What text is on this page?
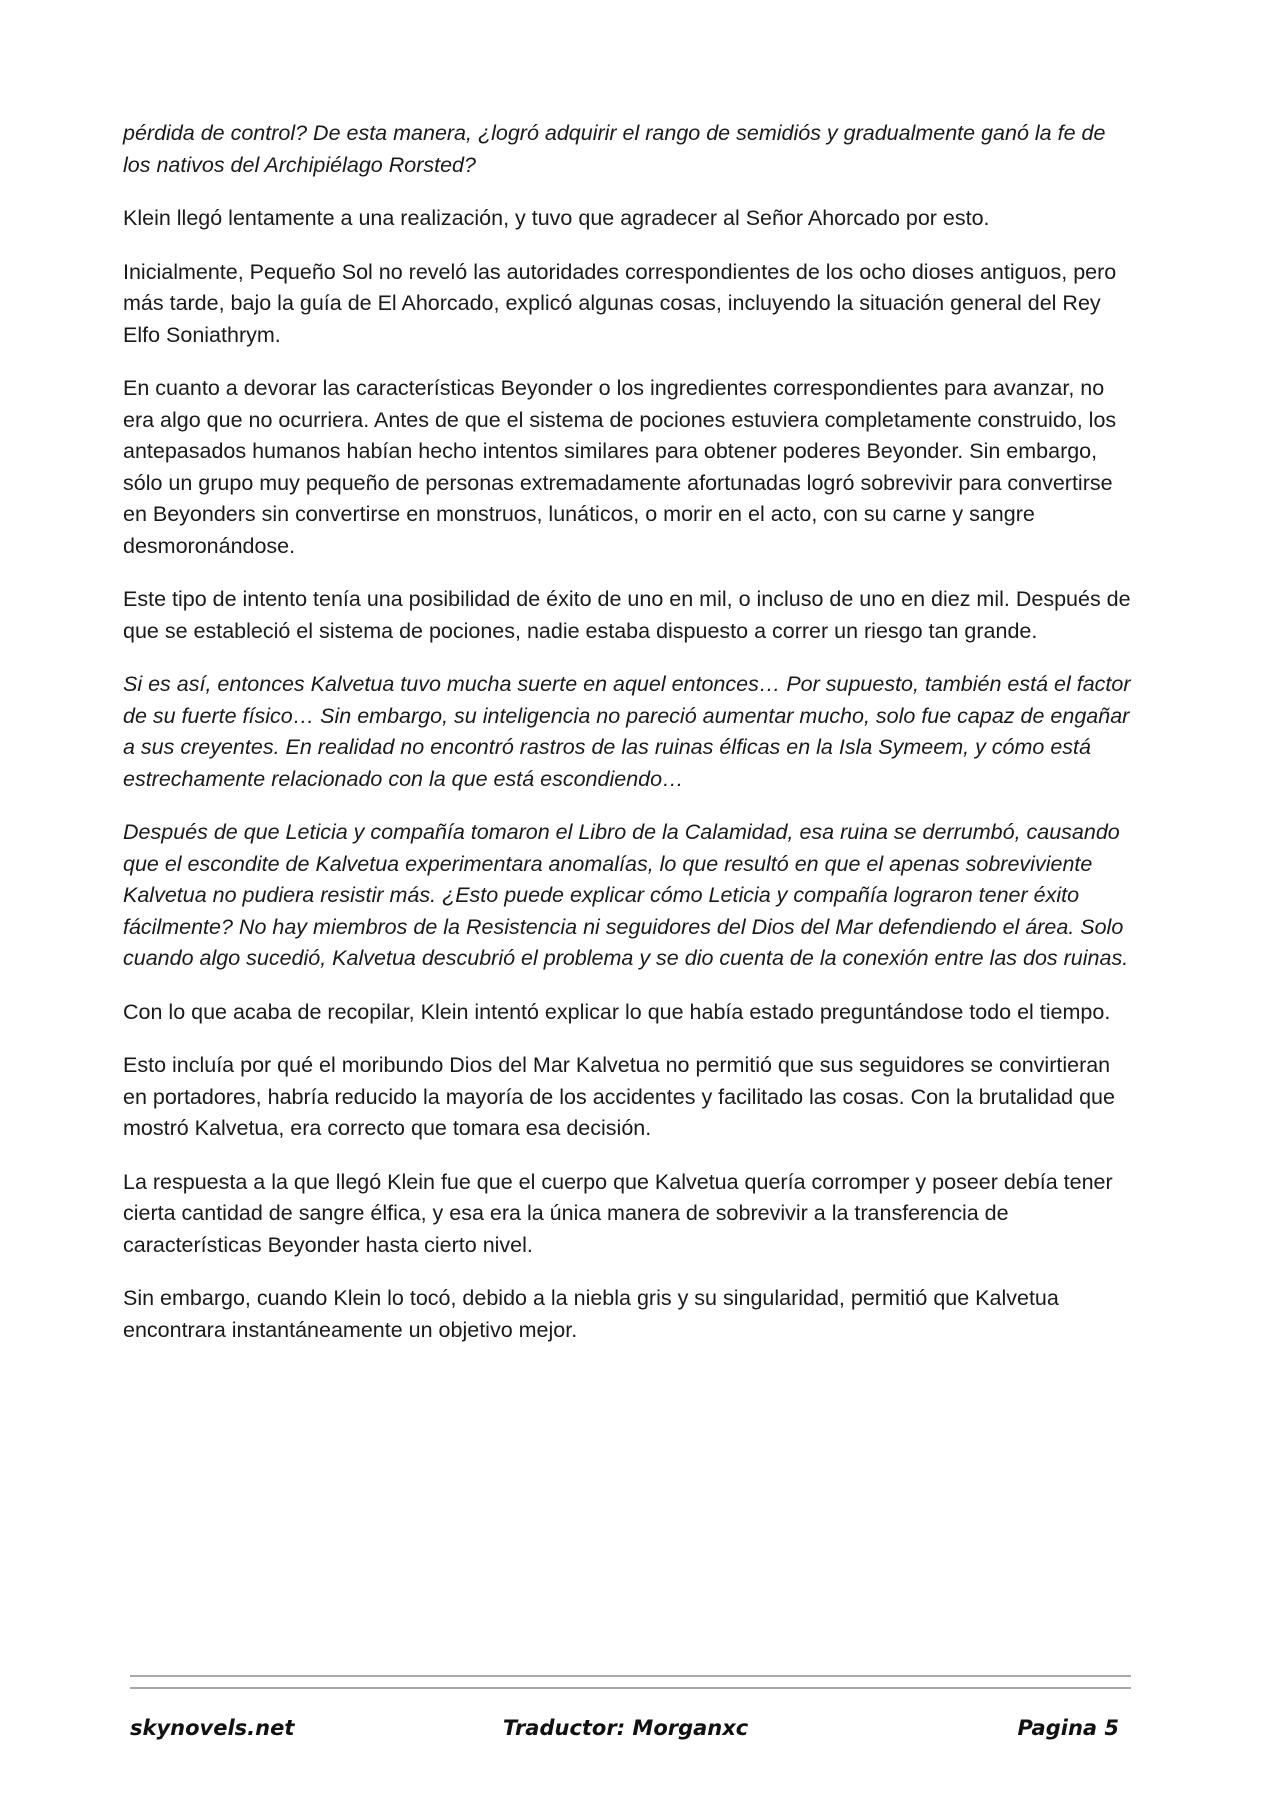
pérdida de control? De esta manera, ¿logró adquirir el rango de semidiós y gradualmente ganó la fe de los nativos del Archipiélago Rorsted?

Klein llegó lentamente a una realización, y tuvo que agradecer al Señor Ahorcado por esto.

Inicialmente, Pequeño Sol no reveló las autoridades correspondientes de los ocho dioses antiguos, pero más tarde, bajo la guía de El Ahorcado, explicó algunas cosas, incluyendo la situación general del Rey Elfo Soniathrym.

En cuanto a devorar las características Beyonder o los ingredientes correspondientes para avanzar, no era algo que no ocurriera. Antes de que el sistema de pociones estuviera completamente construido, los antepasados humanos habían hecho intentos similares para obtener poderes Beyonder. Sin embargo, sólo un grupo muy pequeño de personas extremadamente afortunadas logró sobrevivir para convertirse en Beyonders sin convertirse en monstruos, lunáticos, o morir en el acto, con su carne y sangre desmoronándose.

Este tipo de intento tenía una posibilidad de éxito de uno en mil, o incluso de uno en diez mil. Después de que se estableció el sistema de pociones, nadie estaba dispuesto a correr un riesgo tan grande.

Si es así, entonces Kalvetua tuvo mucha suerte en aquel entonces… Por supuesto, también está el factor de su fuerte físico… Sin embargo, su inteligencia no pareció aumentar mucho, solo fue capaz de engañar a sus creyentes. En realidad no encontró rastros de las ruinas élficas en la Isla Symeem, y cómo está estrechamente relacionado con la que está escondiendo…

Después de que Leticia y compañía tomaron el Libro de la Calamidad, esa ruina se derrumbó, causando que el escondite de Kalvetua experimentara anomalías, lo que resultó en que el apenas sobreviviente Kalvetua no pudiera resistir más. ¿Esto puede explicar cómo Leticia y compañía lograron tener éxito fácilmente? No hay miembros de la Resistencia ni seguidores del Dios del Mar defendiendo el área. Solo cuando algo sucedió, Kalvetua descubrió el problema y se dio cuenta de la conexión entre las dos ruinas.

Con lo que acaba de recopilar, Klein intentó explicar lo que había estado preguntándose todo el tiempo.

Esto incluía por qué el moribundo Dios del Mar Kalvetua no permitió que sus seguidores se convirtieran en portadores, habría reducido la mayoría de los accidentes y facilitado las cosas. Con la brutalidad que mostró Kalvetua, era correcto que tomara esa decisión.

La respuesta a la que llegó Klein fue que el cuerpo que Kalvetua quería corromper y poseer debía tener cierta cantidad de sangre élfica, y esa era la única manera de sobrevivir a la transferencia de características Beyonder hasta cierto nivel.

Sin embargo, cuando Klein lo tocó, debido a la niebla gris y su singularidad, permitió que Kalvetua encontrara instantáneamente un objetivo mejor.

skynovels.net	Traductor: Morganxc	Pagina 5
